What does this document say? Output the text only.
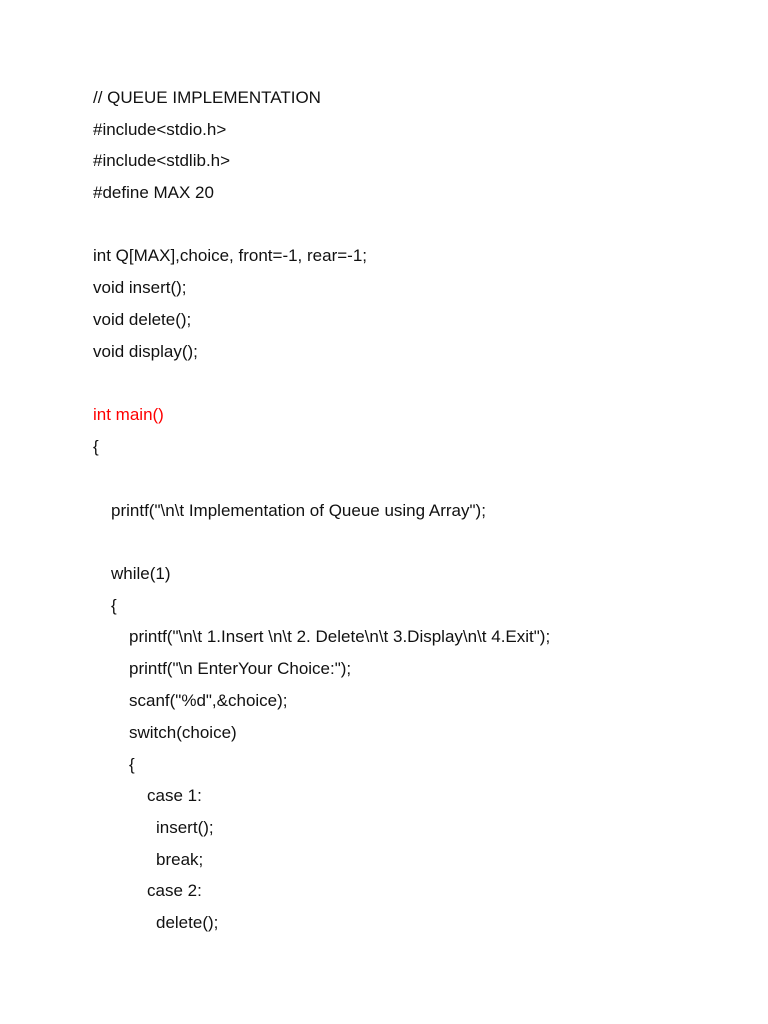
// QUEUE IMPLEMENTATION
#include<stdio.h>
#include<stdlib.h>
#define MAX 20
int Q[MAX],choice, front=-1, rear=-1;
void insert();
void delete();
void display();
int main()
{
printf("\n\t Implementation of Queue using Array");
while(1)
{
printf("\n\t 1.Insert \n\t 2. Delete\n\t 3.Display\n\t 4.Exit");
printf("\n EnterYour Choice:");
scanf("%d",&choice);
switch(choice)
{
case 1:
insert();
break;
case 2:
delete();
